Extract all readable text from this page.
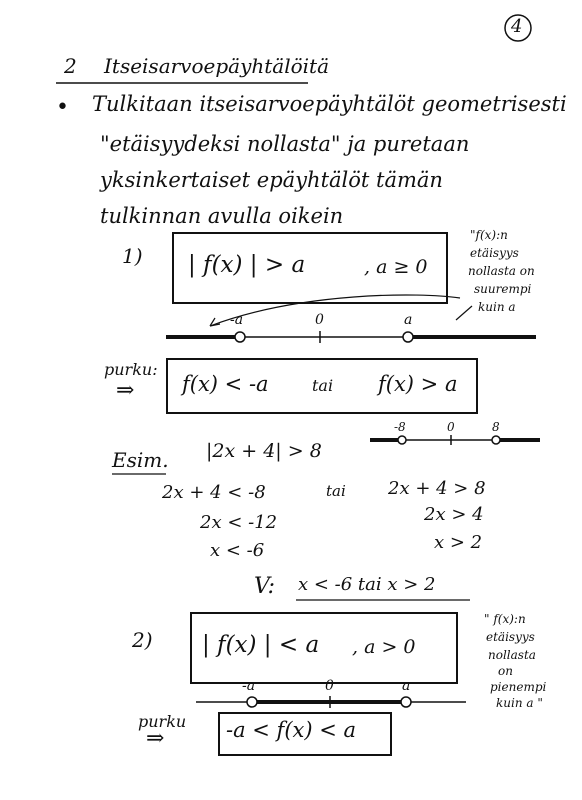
4
2 Itseisarvoepäyhtälöitä
• Tulkitaan itseisarvoepäyhtälöt geometrisesti
"etäisyydeksi nollasta" ja puretaan
yksinkertaiset epäyhtälöt tämän
tulkinnan avulla oikein
1) | f(x) | > a	, a ≥ 0
"f(x):n
etäisyys
nollasta on
suurempi
kuin a
-a	0	a
purku:
⇒ f(x) < -a	tai f(x) > a
Esim. |2x + 4| > 8
-8	0	8
2x + 4 < -8
2x < -12
x < -6
tai 2x + 4 > 8
2x > 4
x > 2
V: x < -6 tai x > 2
2) | f(x) | < a , a > 0
" f(x):n
etäisyys
nollasta
on
pienempi
kuin a "
-a	0	a
purku
⇒	-a < f(x) < a
